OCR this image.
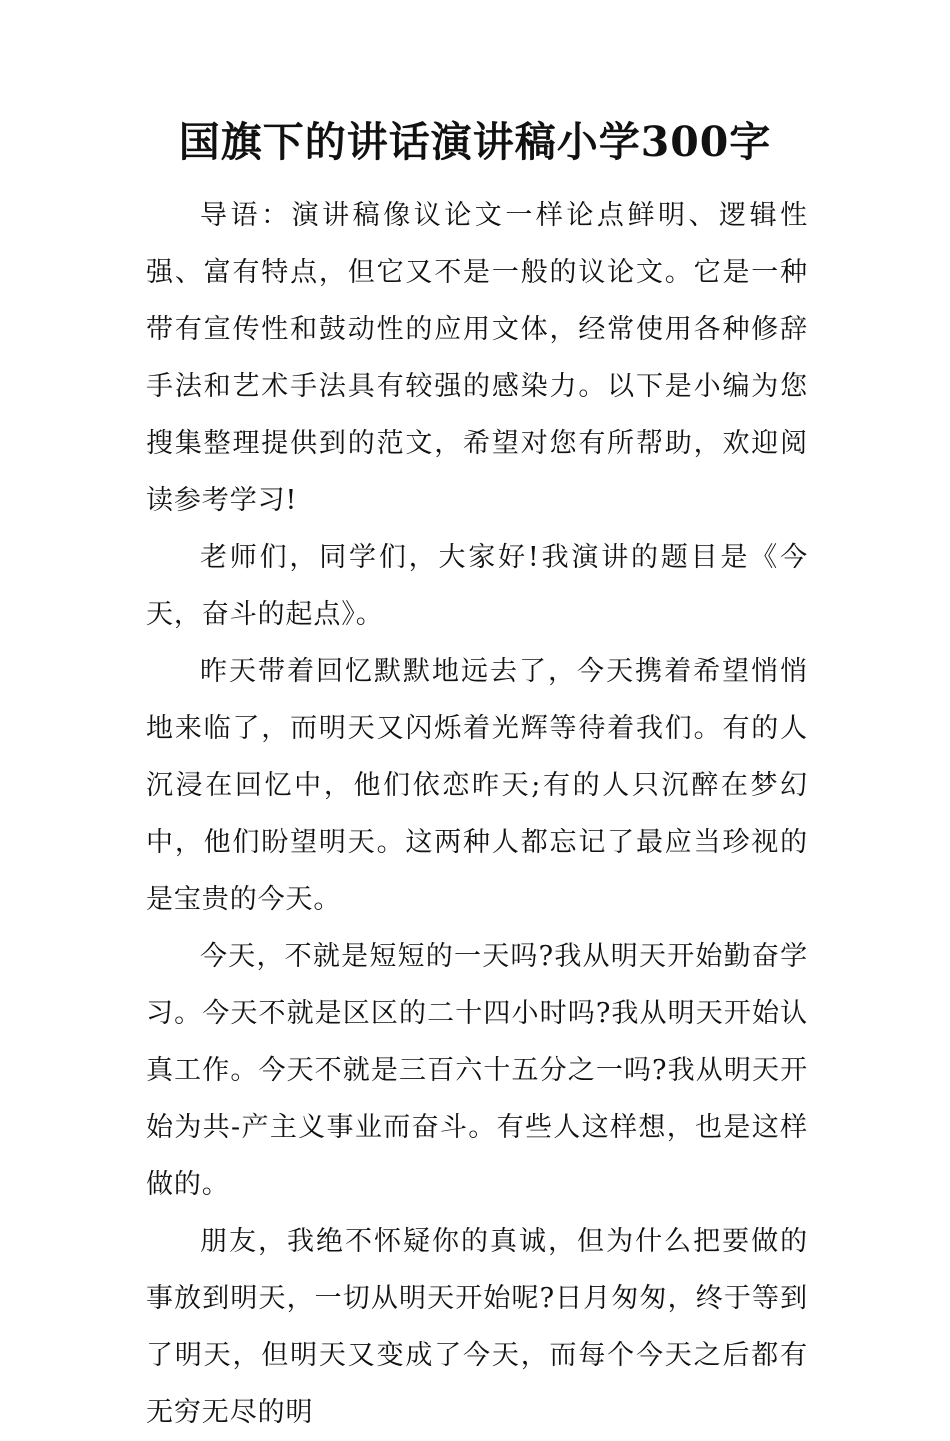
国旗下的讲话演讲稿小学300字

导语：演讲稿像议论文一样论点鲜明、逻辑性强、富有特点，但它又不是一般的议论文。它是一种带有宣传性和鼓动性的应用文体，经常使用各种修辞手法和艺术手法具有较强的感染力。以下是小编为您搜集整理提供到的范文，希望对您有所帮助，欢迎阅读参考学习!

老师们，同学们，大家好!我演讲的题目是《今天，奋斗的起点》。

昨天带着回忆默默地远去了，今天携着希望悄悄地来临了，而明天又闪烁着光辉等待着我们。有的人沉浸在回忆中，他们依恋昨天;有的人只沉醉在梦幻中，他们盼望明天。这两种人都忘记了最应当珍视的是宝贵的今天。

今天，不就是短短的一天吗?我从明天开始勤奋学习。今天不就是区区的二十四小时吗?我从明天开始认真工作。今天不就是三百六十五分之一吗?我从明天开始为共-产主义事业而奋斗。有些人这样想，也是这样做的。

朋友，我绝不怀疑你的真诚，但为什么把要做的事放到明天，一切从明天开始呢?日月匆匆，终于等到了明天，但明天又变成了今天，而每个今天之后都有无穷无尽的明
